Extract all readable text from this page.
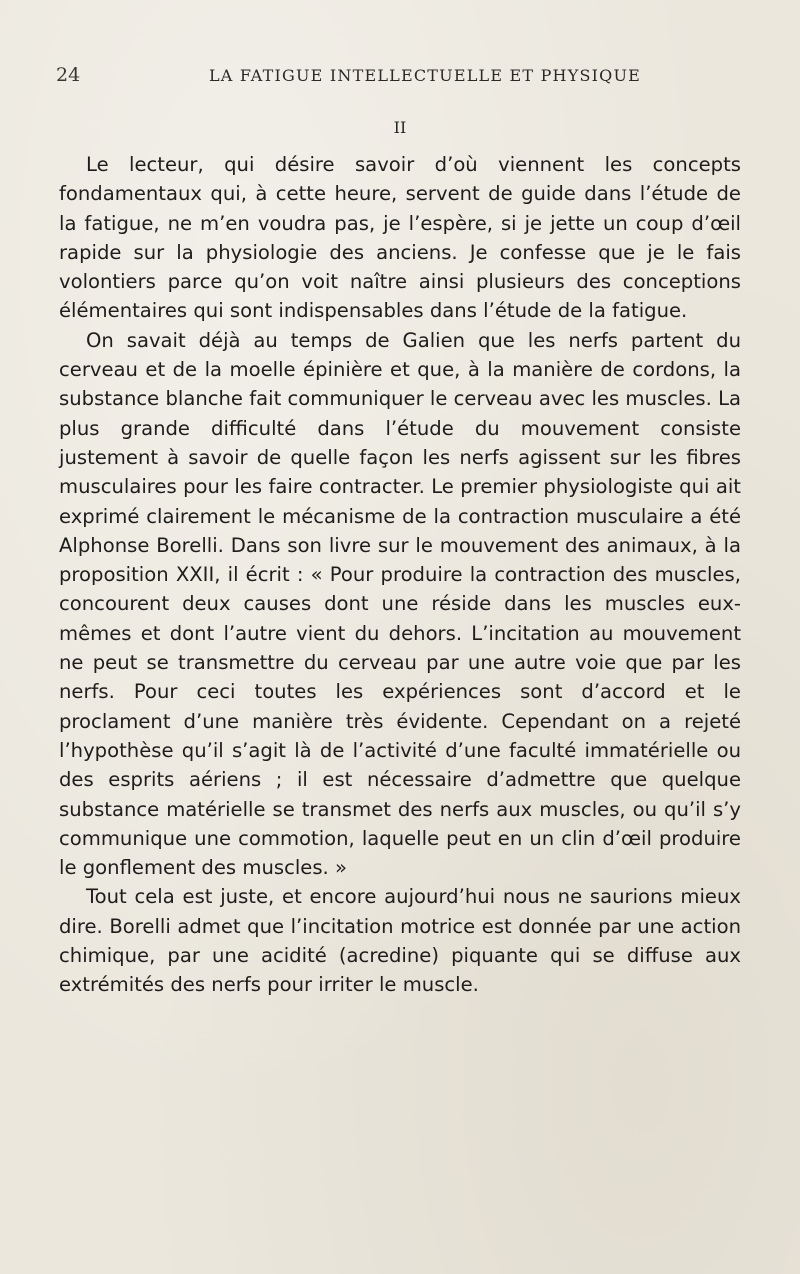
24	LA FATIGUE INTELLECTUELLE ET PHYSIQUE
II

Le lecteur, qui désire savoir d’où viennent les concepts fondamentaux qui, à cette heure, servent de guide dans l’étude de la fatigue, ne m’en voudra pas, je l’espère, si je jette un coup d’œil rapide sur la physiologie des anciens. Je confesse que je le fais volontiers parce qu’on voit naître ainsi plusieurs des conceptions élémentaires qui sont indispensables dans l’étude de la fatigue.

On savait déjà au temps de Galien que les nerfs partent du cerveau et de la moelle épinière et que, à la manière de cordons, la substance blanche fait communiquer le cerveau avec les muscles. La plus grande difficulté dans l’étude du mouvement consiste justement à savoir de quelle façon les nerfs agissent sur les fibres musculaires pour les faire contracter. Le premier physiologiste qui ait exprimé clairement le mécanisme de la contraction musculaire a été Alphonse Borelli. Dans son livre sur le mouvement des animaux, à la proposition XXII, il écrit : « Pour produire la contraction des muscles, concourent deux causes dont une réside dans les muscles eux-mêmes et dont l’autre vient du dehors. L’incitation au mouvement ne peut se transmettre du cerveau par une autre voie que par les nerfs. Pour ceci toutes les expériences sont d’accord et le proclament d’une manière très évidente. Cependant on a rejeté l’hypothèse qu’il s’agit là de l’activité d’une faculté immatérielle ou des esprits aériens ; il est nécessaire d’admettre que quelque substance matérielle se transmet des nerfs aux muscles, ou qu’il s’y communique une commotion, laquelle peut en un clin d’œil produire le gonflement des muscles. »

Tout cela est juste, et encore aujourd’hui nous ne saurions mieux dire. Borelli admet que l’incitation motrice est donnée par une action chimique, par une acidité (acredine) piquante qui se diffuse aux extrémités des nerfs pour irriter le muscle.
